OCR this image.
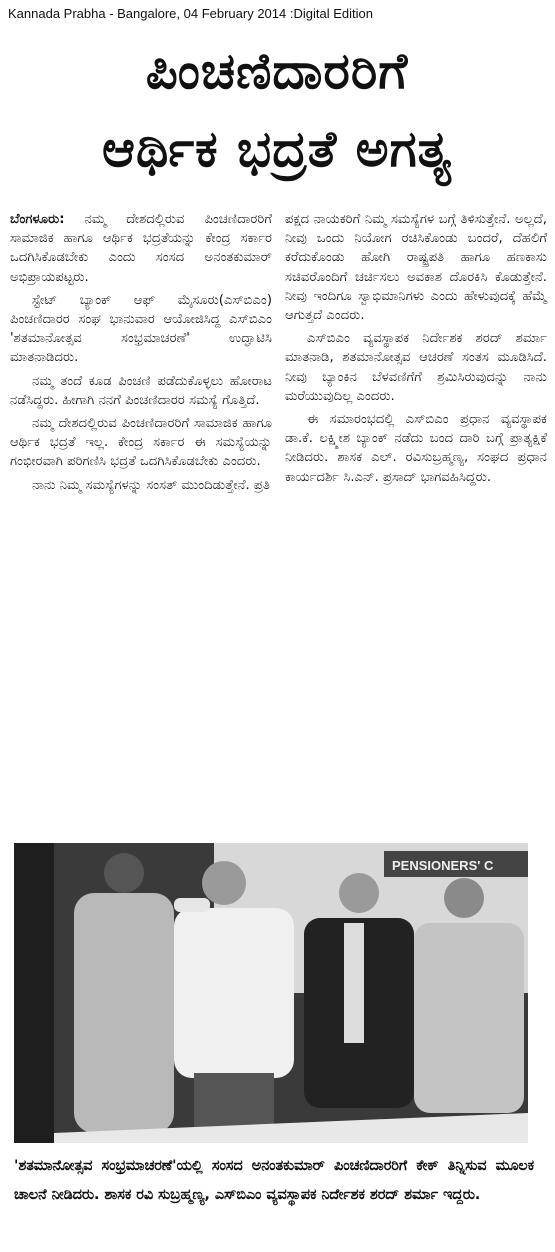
Kannada Prabha - Bangalore, 04 February 2014 :Digital Edition
ಪಿಂಚಣಿದಾರರಿಗೆ
ಆರ್ಥಿಕ ಭದ್ರತೆ ಅಗತ್ಯ

ಬೆಂಗಳೂರು: ನಮ್ಮ ದೇಶದಲ್ಲಿರುವ ಪಿಂಚಣಿದಾರರಿಗೆ ಸಾಮಾಜಿಕ ಹಾಗೂ ಆರ್ಥಿಕ ಭದ್ರತೆಯನ್ನು ಕೇಂದ್ರ ಸರ್ಕಾರ ಒದಗಿಸಿಕೊಡಬೇಕು ಎಂದು ಸಂಸದ ಅನಂತಕುಮಾರ್ ಅಭಿಪ್ರಾಯಪಟ್ಟರು.

ಸ್ಟೇಟ್ ಬ್ಯಾಂಕ್ ಆಫ್ ಮೈಸೂರು(ಎಸ್‌ಬಿಎಂ) ಪಿಂಚಣಿದಾರರ ಸಂಘ ಭಾನುವಾರ ಆಯೋಜಿಸಿದ್ದ ಎಸ್‌ಬಿಎಂ 'ಶತಮಾನೋತ್ಸವ ಸಂಭ್ರಮಾಚರಣೆ' ಉದ್ಘಾಟಿಸಿ ಮಾತನಾಡಿದರು.

ನಮ್ಮ ತಂದೆ ಕೂಡ ಪಿಂಚಣಿ ಪಡೆದುಕೊಳ್ಳಲು ಹೋರಾಟ ನಡೆಸಿದ್ದರು. ಹೀಗಾಗಿ ನನಗೆ ಪಿಂಚಣಿದಾರರ ಸಮಸ್ಯೆ ಗೊತ್ತಿದೆ.

ನಮ್ಮ ದೇಶದಲ್ಲಿರುವ ಪಿಂಚಣಿದಾರರಿಗೆ ಸಾಮಾಜಿಕ ಹಾಗೂ ಆರ್ಥಿಕ ಭದ್ರತೆ ಇಲ್ಲ. ಕೇಂದ್ರ ಸರ್ಕಾರ ಈ ಸಮಸ್ಯೆಯನ್ನು ಗಂಭೀರವಾಗಿ ಪರಿಗಣಿಸಿ ಭದ್ರತೆ ಒದಗಿಸಿಕೊಡಬೇಕು ಎಂದರು.

ನಾನು ನಿಮ್ಮ ಸಮಸ್ಯೆಗಳನ್ನು ಸಂಸತ್ ಮುಂದಿಡುತ್ತೇನೆ. ಪ್ರತಿ

ಪಕ್ಷದ ನಾಯಕರಿಗೆ ನಿಮ್ಮ ಸಮಸ್ಯೆಗಳ ಬಗ್ಗೆ ತಿಳಿಸುತ್ತೇನೆ. ಅಲ್ಲದೆ, ನೀವು ಒಂದು ನಿಯೋಗ ರಚಿಸಿಕೊಂಡು ಬಂದರೆ, ದೆಹಲಿಗೆ ಕರೆದುಕೊಂಡು ಹೋಗಿ ರಾಷ್ಟ್ರಪತಿ ಹಾಗೂ ಹಣಕಾಸು ಸಚಿವರೊಂದಿಗೆ ಚರ್ಚಿಸಲು ಅವಕಾಶ ದೊರಕಿಸಿ ಕೊಡುತ್ತೇನೆ. ನೀವು ಇಂದಿಗೂ ಸ್ವಾಭಿಮಾನಿಗಳು ಎಂದು ಹೇಳುವುದಕ್ಕೆ ಹೆಮ್ಮೆ ಆಗುತ್ತದೆ ಎಂದರು.

ಎಸ್‌ಬಿಎಂ ವ್ಯವಸ್ಥಾಪಕ ನಿರ್ದೇಶಕ ಶರದ್ ಶರ್ಮಾ ಮಾತನಾಡಿ, ಶತಮಾನೋತ್ಸವ ಆಚರಣೆ ಸಂತಸ ಮೂಡಿಸಿದೆ. ನೀವು ಬ್ಯಾಂಕಿನ ಬೆಳವಣಿಗೆಗೆ ಶ್ರಮಿಸಿರುವುದನ್ನು ನಾನು ಮರೆಯುವುದಿಲ್ಲ ಎಂದರು.

ಈ ಸಮಾರಂಭದಲ್ಲಿ ಎಸ್‌ಬಿಎಂ ಪ್ರಧಾನ ವ್ಯವಸ್ಥಾಪಕ ಡಾ.ಕೆ. ಲಕ್ಷ್ಮೀಶ ಬ್ಯಾಂಕ್ ನಡೆದು ಬಂದ ದಾರಿ ಬಗ್ಗೆ ಪ್ರಾತ್ಯಕ್ಷಿಕೆ ನೀಡಿದರು. ಶಾಸಕ ಎಲ್. ರವಿಸುಬ್ರಹ್ಮಣ್ಯ, ಸಂಘದ ಪ್ರಧಾನ ಕಾರ್ಯದರ್ಶಿ ಸಿ.ಎನ್. ಪ್ರಸಾದ್ ಭಾಗವಹಿಸಿದ್ದರು.

PENSIONERS' C
'ಶತಮಾನೋತ್ಸವ ಸಂಭ್ರಮಾಚರಣೆ'ಯಲ್ಲಿ ಸಂಸದ ಅನಂತಕುಮಾರ್ ಪಿಂಚಣಿದಾರರಿಗೆ ಕೇಕ್ ತಿನ್ನಿಸುವ ಮೂಲಕ ಚಾಲನೆ ನೀಡಿದರು. ಶಾಸಕ ರವಿ ಸುಬ್ರಹ್ಮಣ್ಯ, ಎಸ್‌ಬಿಎಂ ವ್ಯವಸ್ಥಾಪಕ ನಿರ್ದೇಶಕ ಶರದ್ ಶರ್ಮಾ ಇದ್ದರು.
